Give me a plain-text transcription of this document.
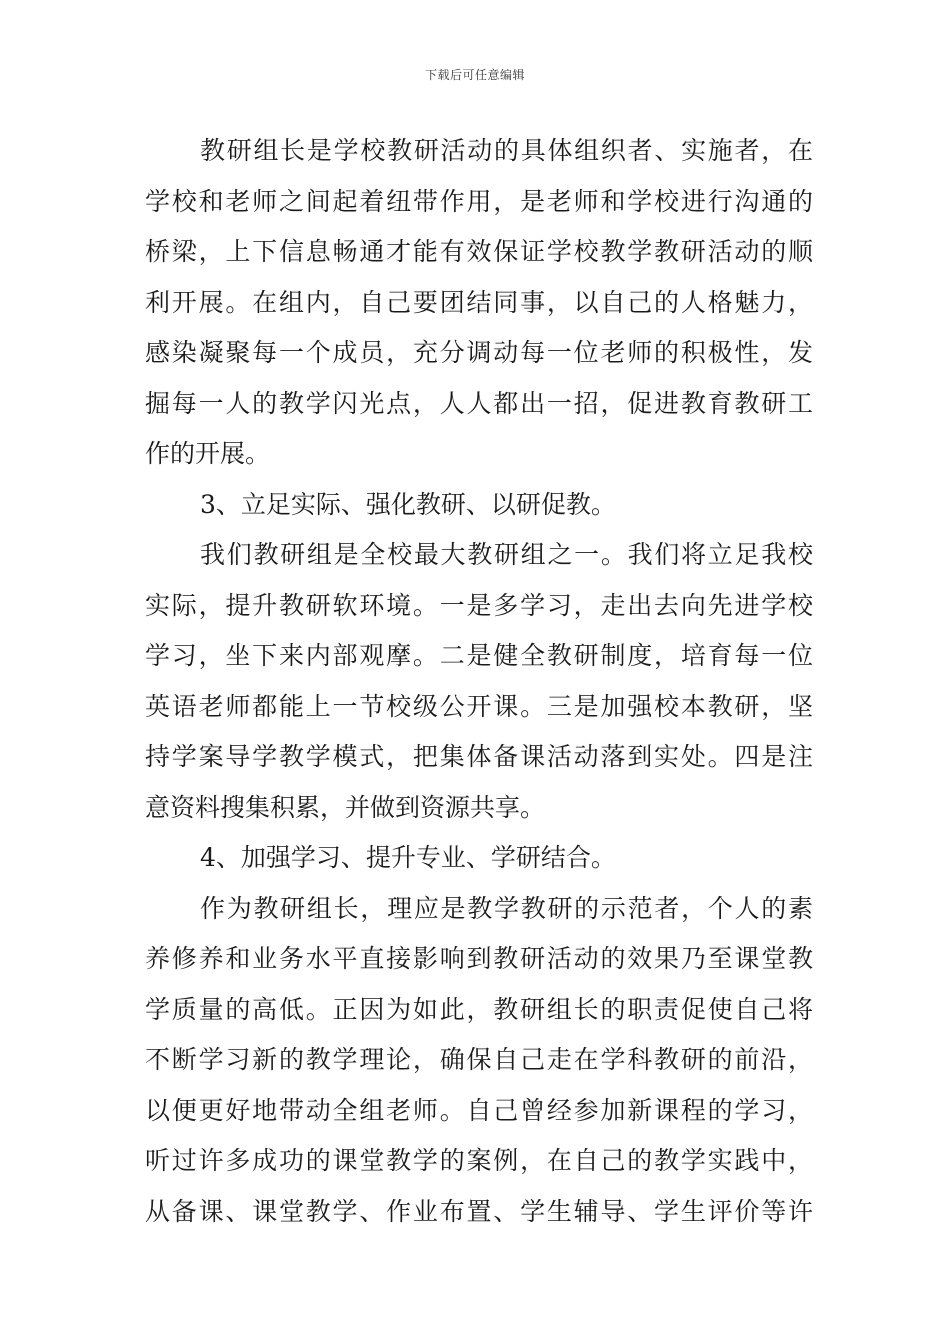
下载后可任意编辑
教研组长是学校教研活动的具体组织者、实施者，在
学校和老师之间起着纽带作用，是老师和学校进行沟通的
桥梁，上下信息畅通才能有效保证学校教学教研活动的顺
利开展。在组内，自己要团结同事，以自己的人格魅力，
感染凝聚每一个成员，充分调动每一位老师的积极性，发
掘每一人的教学闪光点，人人都出一招，促进教育教研工
作的开展。
3、立足实际、强化教研、以研促教。
我们教研组是全校最大教研组之一。我们将立足我校
实际，提升教研软环境。一是多学习，走出去向先进学校
学习，坐下来内部观摩。二是健全教研制度，培育每一位
英语老师都能上一节校级公开课。三是加强校本教研，坚
持学案导学教学模式，把集体备课活动落到实处。四是注
意资料搜集积累，并做到资源共享。
4、加强学习、提升专业、学研结合。
作为教研组长，理应是教学教研的示范者，个人的素
养修养和业务水平直接影响到教研活动的效果乃至课堂教
学质量的高低。正因为如此，教研组长的职责促使自己将
不断学习新的教学理论，确保自己走在学科教研的前沿，
以便更好地带动全组老师。自己曾经参加新课程的学习，
听过许多成功的课堂教学的案例，在自己的教学实践中，
从备课、课堂教学、作业布置、学生辅导、学生评价等许
